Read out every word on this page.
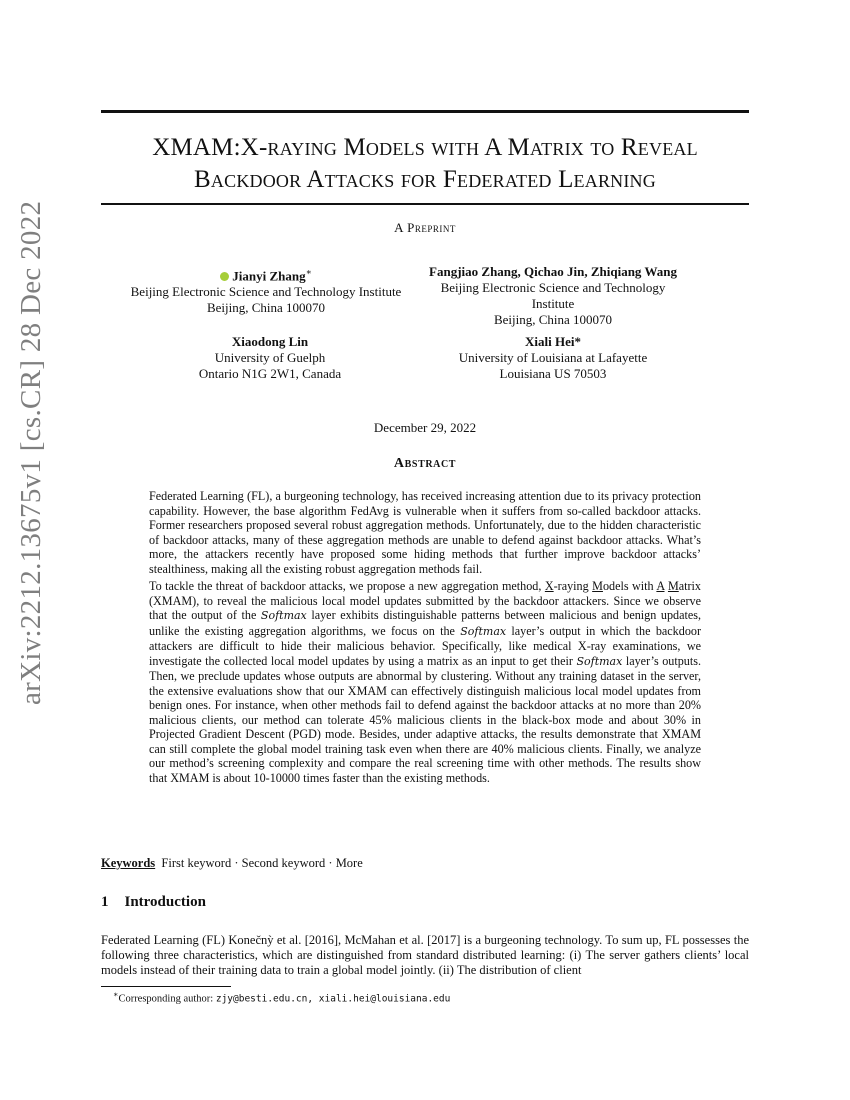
arXiv:2212.13675v1 [cs.CR] 28 Dec 2022
XMAM:X-raying Models with A Matrix to Reveal
Backdoor Attacks for Federated Learning
A Preprint
Jianyi Zhang∗
Beijing Electronic Science and Technology Institute
Beijing, China 100070
Fangjiao Zhang, Qichao Jin, Zhiqiang Wang
Beijing Electronic Science and Technology Institute
Beijing, China 100070
Xiaodong Lin
University of Guelph
Ontario N1G 2W1, Canada
Xiali Hei*
University of Louisiana at Lafayette
Louisiana US 70503
December 29, 2022
Abstract

Federated Learning (FL), a burgeoning technology, has received increasing attention due to its privacy protection capability. However, the base algorithm FedAvg is vulnerable when it suffers from so-called backdoor attacks. Former researchers proposed several robust aggregation methods. Unfortunately, due to the hidden characteristic of backdoor attacks, many of these aggregation methods are unable to defend against backdoor attacks. What’s more, the attackers recently have proposed some hiding methods that further improve backdoor attacks’ stealthiness, making all the existing robust aggregation methods fail.

To tackle the threat of backdoor attacks, we propose a new aggregation method, X-raying Models with A Matrix (XMAM), to reveal the malicious local model updates submitted by the backdoor attackers. Since we observe that the output of the Softmax layer exhibits distinguishable patterns between malicious and benign updates, unlike the existing aggregation algorithms, we focus on the Softmax layer’s output in which the backdoor attackers are difficult to hide their malicious behavior. Specifically, like medical X-ray examinations, we investigate the collected local model updates by using a matrix as an input to get their Softmax layer’s outputs. Then, we preclude updates whose outputs are abnormal by clustering. Without any training dataset in the server, the extensive evaluations show that our XMAM can effectively distinguish malicious local model updates from benign ones. For instance, when other methods fail to defend against the backdoor attacks at no more than 20% malicious clients, our method can tolerate 45% malicious clients in the black-box mode and about 30% in Projected Gradient Descent (PGD) mode. Besides, under adaptive attacks, the results demonstrate that XMAM can still complete the global model training task even when there are 40% malicious clients. Finally, we analyze our method’s screening complexity and compare the real screening time with other methods. The results show that XMAM is about 10-10000 times faster than the existing methods.

Keywords First keyword · Second keyword · More
1 Introduction
Federated Learning (FL) Konečnỳ et al. [2016], McMahan et al. [2017] is a burgeoning technology. To sum up, FL possesses the following three characteristics, which are distinguished from standard distributed learning: (i) The server gathers clients’ local models instead of their training data to train a global model jointly. (ii) The distribution of client
∗Corresponding author: zjy@besti.edu.cn, xiali.hei@louisiana.edu
